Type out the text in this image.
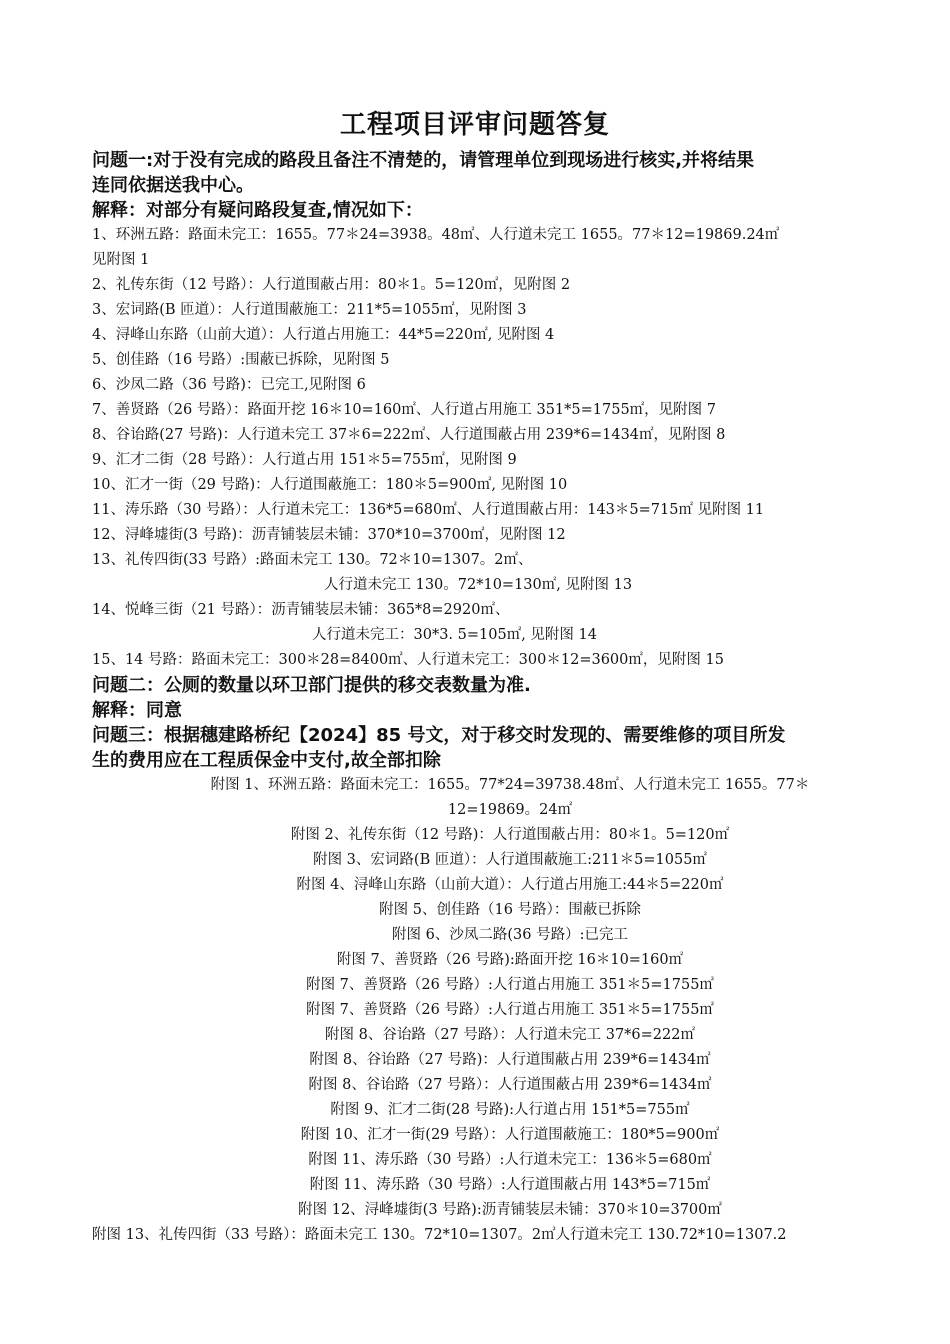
工程项目评审问题答复
问题一:对于没有完成的路段且备注不清楚的，请管理单位到现场进行核实,并将结果
连同依据送我中心。
解释：对部分有疑问路段复查,情况如下：
1、环洲五路：路面未完工：1655。77＊24=3938。48㎡、人行道未完工 1655。77＊12=19869.24㎡
见附图 1
2、礼传东街（12 号路）：人行道围蔽占用：80＊1。5=120㎡，见附图 2
3、宏词路(B 匝道）：人行道围蔽施工：211*5=1055㎡，见附图 3
4、浔峰山东路（山前大道）：人行道占用施工：44*5=220㎡, 见附图 4
5、创佳路（16 号路）:围蔽已拆除，见附图 5
6、沙凤二路（36 号路)：已完工,见附图 6
7、善贤路（26 号路）：路面开挖 16＊10=160㎡、人行道占用施工 351*5=1755㎡，见附图 7
8、谷诒路(27 号路)：人行道未完工 37＊6=222㎡、人行道围蔽占用 239*6=1434㎡，见附图 8
9、汇才二街（28 号路）：人行道占用 151＊5=755㎡，见附图 9
10、汇才一街（29 号路)：人行道围蔽施工：180＊5=900㎡, 见附图 10
11、涛乐路（30 号路）：人行道未完工：136*5=680㎡、人行道围蔽占用：143＊5=715㎡ 见附图 11
12、浔峰墟街(3 号路)：沥青铺装层未铺：370*10=3700㎡，见附图 12
13、礼传四街(33 号路）:路面未完工 130。72＊10=1307。2㎡、
人行道未完工 130。72*10=130㎡, 见附图 13
14、悦峰三街（21 号路）：沥青铺装层未铺：365*8=2920㎡、
人行道未完工：30*3. 5=105㎡, 见附图 14
15、14 号路：路面未完工：300＊28=8400㎡、人行道未完工：300＊12=3600㎡，见附图 15
问题二：公厕的数量以环卫部门提供的移交表数量为准.
解释：同意
问题三：根据穗建路桥纪【2024】85 号文，对于移交时发现的、需要维修的项目所发
生的费用应在工程质保金中支付,故全部扣除
附图 1、环洲五路：路面未完工：1655。77*24=39738.48㎡、人行道未完工 1655。77＊
12=19869。24㎡
附图 2、礼传东街（12 号路)：人行道围蔽占用：80＊1。5=120㎡
附图 3、宏词路(B 匝道）：人行道围蔽施工:211＊5=1055㎡
附图 4、浔峰山东路（山前大道）：人行道占用施工:44＊5=220㎡
附图 5、创佳路（16 号路）：围蔽已拆除
附图 6、沙凤二路(36 号路）:已完工
附图 7、善贤路（26 号路):路面开挖 16＊10=160㎡
附图 7、善贤路（26 号路）:人行道占用施工 351＊5=1755㎡
附图 7、善贤路（26 号路）:人行道占用施工 351＊5=1755㎡
附图 8、谷诒路（27 号路）：人行道未完工 37*6=222㎡
附图 8、谷诒路（27 号路)：人行道围蔽占用 239*6=1434㎡
附图 8、谷诒路（27 号路）：人行道围蔽占用 239*6=1434㎡
附图 9、汇才二街(28 号路):人行道占用 151*5=755㎡
附图 10、汇才一街(29 号路）：人行道围蔽施工：180*5=900㎡
附图 11、涛乐路（30 号路）:人行道未完工：136＊5=680㎡
附图 11、涛乐路（30 号路）:人行道围蔽占用 143*5=715㎡
附图 12、浔峰墟街(3 号路):沥青铺装层未铺：370＊10=3700㎡
附图 13、礼传四街（33 号路）：路面未完工 130。72*10=1307。2㎡人行道未完工 130.72*10=1307.2
